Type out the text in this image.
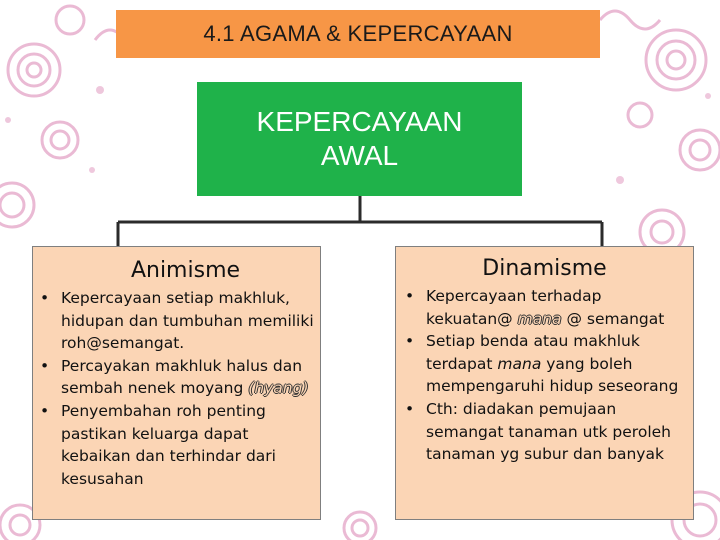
4.1 AGAMA & KEPERCAYAAN
KEPERCAYAAN
AWAL
Animisme
• Kepercayaan setiap makhluk, hidupan dan tumbuhan memiliki roh@semangat.
• Percayakan makhluk halus dan sembah nenek moyang (hyang)
• Penyembahan roh penting pastikan keluarga dapat kebaikan dan terhindar dari kesusahan
Dinamisme
• Kepercayaan terhadap kekuatan@ mana @ semangat
• Setiap benda atau makhluk terdapat mana yang boleh mempengaruhi hidup seseorang
• Cth: diadakan pemujaan semangat tanaman utk peroleh tanaman yg subur dan banyak
